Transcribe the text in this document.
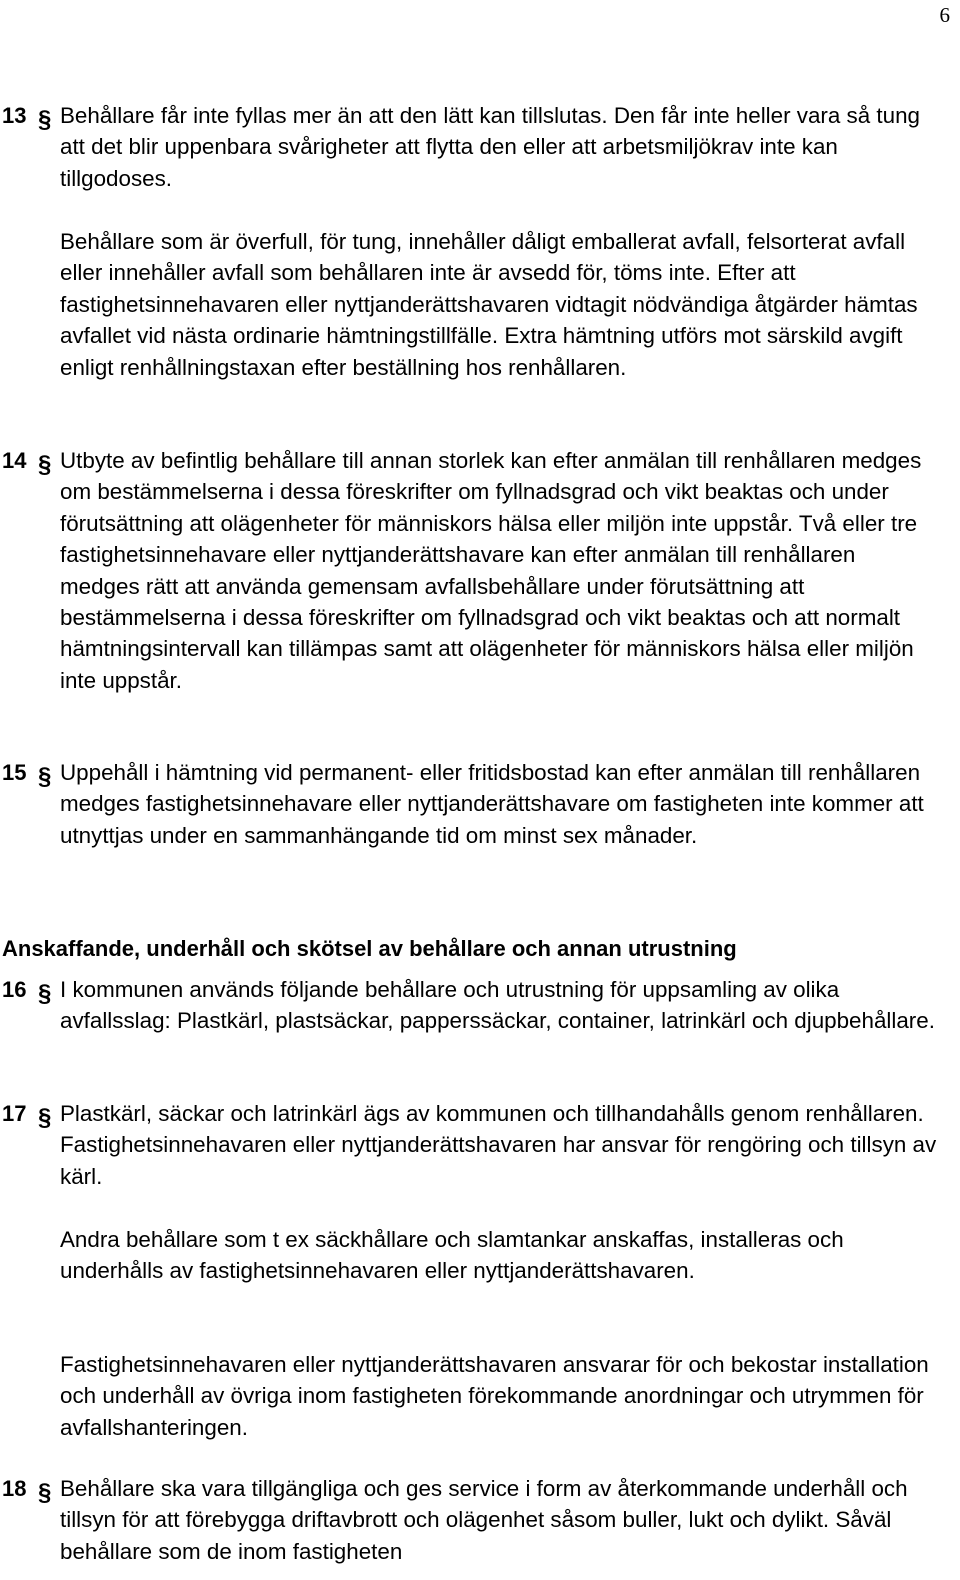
6
13 § Behållare får inte fyllas mer än att den lätt kan tillslutas. Den får inte heller vara så tung att det blir uppenbara svårigheter att flytta den eller att arbetsmiljökrav inte kan tillgodoses.

Behållare som är överfull, för tung, innehåller dåligt emballerat avfall, felsorterat avfall eller innehåller avfall som behållaren inte är avsedd för, töms inte. Efter att fastighetsinnehavaren eller nyttjanderättshavaren vidtagit nödvändiga åtgärder hämtas avfallet vid nästa ordinarie hämtningstillfälle. Extra hämtning utförs mot särskild avgift enligt renhållningstaxan efter beställning hos renhållaren.

14 § Utbyte av befintlig behållare till annan storlek kan efter anmälan till renhållaren medges om bestämmelserna i dessa föreskrifter om fyllnadsgrad och vikt beaktas och under förutsättning att olägenheter för människors hälsa eller miljön inte uppstår. Två eller tre fastighetsinnehavare eller nyttjanderättshavare kan efter anmälan till renhållaren medges rätt att använda gemensam avfallsbehållare under förutsättning att bestämmelserna i dessa föreskrifter om fyllnadsgrad och vikt beaktas och att normalt hämtningsintervall kan tillämpas samt att olägenheter för människors hälsa eller miljön inte uppstår.

15 § Uppehåll i hämtning vid permanent- eller fritidsbostad kan efter anmälan till renhållaren medges fastighetsinnehavare eller nyttjanderättshavare om fastigheten inte kommer att utnyttjas under en sammanhängande tid om minst sex månader.

Anskaffande, underhåll och skötsel av behållare och annan utrustning
16 § I kommunen används följande behållare och utrustning för uppsamling av olika avfallsslag: Plastkärl, plastsäckar, papperssäckar, container, latrinkärl och djupbehållare.

17 § Plastkärl, säckar och latrinkärl ägs av kommunen och tillhandahålls genom renhållaren. Fastighetsinnehavaren eller nyttjanderättshavaren har ansvar för rengöring och tillsyn av kärl.

Andra behållare som t ex säckhållare och slamtankar anskaffas, installeras och underhålls av fastighetsinnehavaren eller nyttjanderättshavaren.

Fastighetsinnehavaren eller nyttjanderättshavaren ansvarar för och bekostar installation och underhåll av övriga inom fastigheten förekommande anordningar och utrymmen för avfallshanteringen.

18 § Behållare ska vara tillgängliga och ges service i form av återkommande underhåll och tillsyn för att förebygga driftavbrott och olägenhet såsom buller, lukt och dylikt. Såväl behållare som de inom fastigheten
